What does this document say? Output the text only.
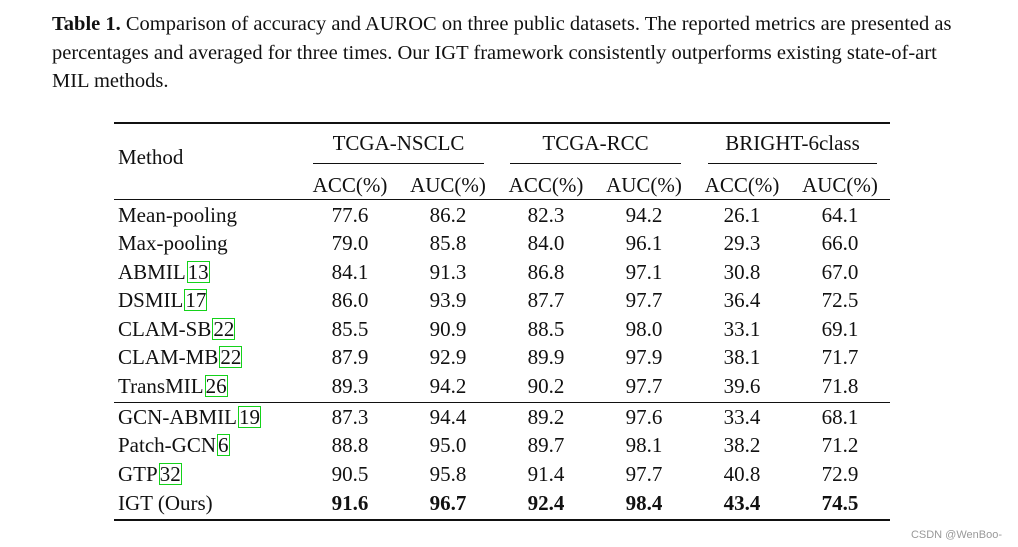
Table 1. Comparison of accuracy and AUROC on three public datasets. The reported metrics are presented as percentages and averaged for three times. Our IGT framework consistently outperforms existing state-of-art MIL methods.
Method
TCGA-NSCLC	TCGA-RCC	BRIGHT-6class
ACC(%)	AUC(%)	ACC(%)	AUC(%)	ACC(%)	AUC(%)
Mean-pooling	77.6	86.2	82.3	94.2	26.1	64.1
Max-pooling	79.0	85.8	84.0	96.1	29.3	66.0
ABMIL13	84.1	91.3	86.8	97.1	30.8	67.0
DSMIL17	86.0	93.9	87.7	97.7	36.4	72.5
CLAM-SB22	85.5	90.9	88.5	98.0	33.1	69.1
CLAM-MB22	87.9	92.9	89.9	97.9	38.1	71.7
TransMIL26	89.3	94.2	90.2	97.7	39.6	71.8
GCN-ABMIL19	87.3	94.4	89.2	97.6	33.4	68.1
Patch-GCN6	88.8	95.0	89.7	98.1	38.2	71.2
GTP32	90.5	95.8	91.4	97.7	40.8	72.9
IGT (Ours)	91.6	96.7	92.4	98.4	43.4	74.5
CSDN @WenBoo-
